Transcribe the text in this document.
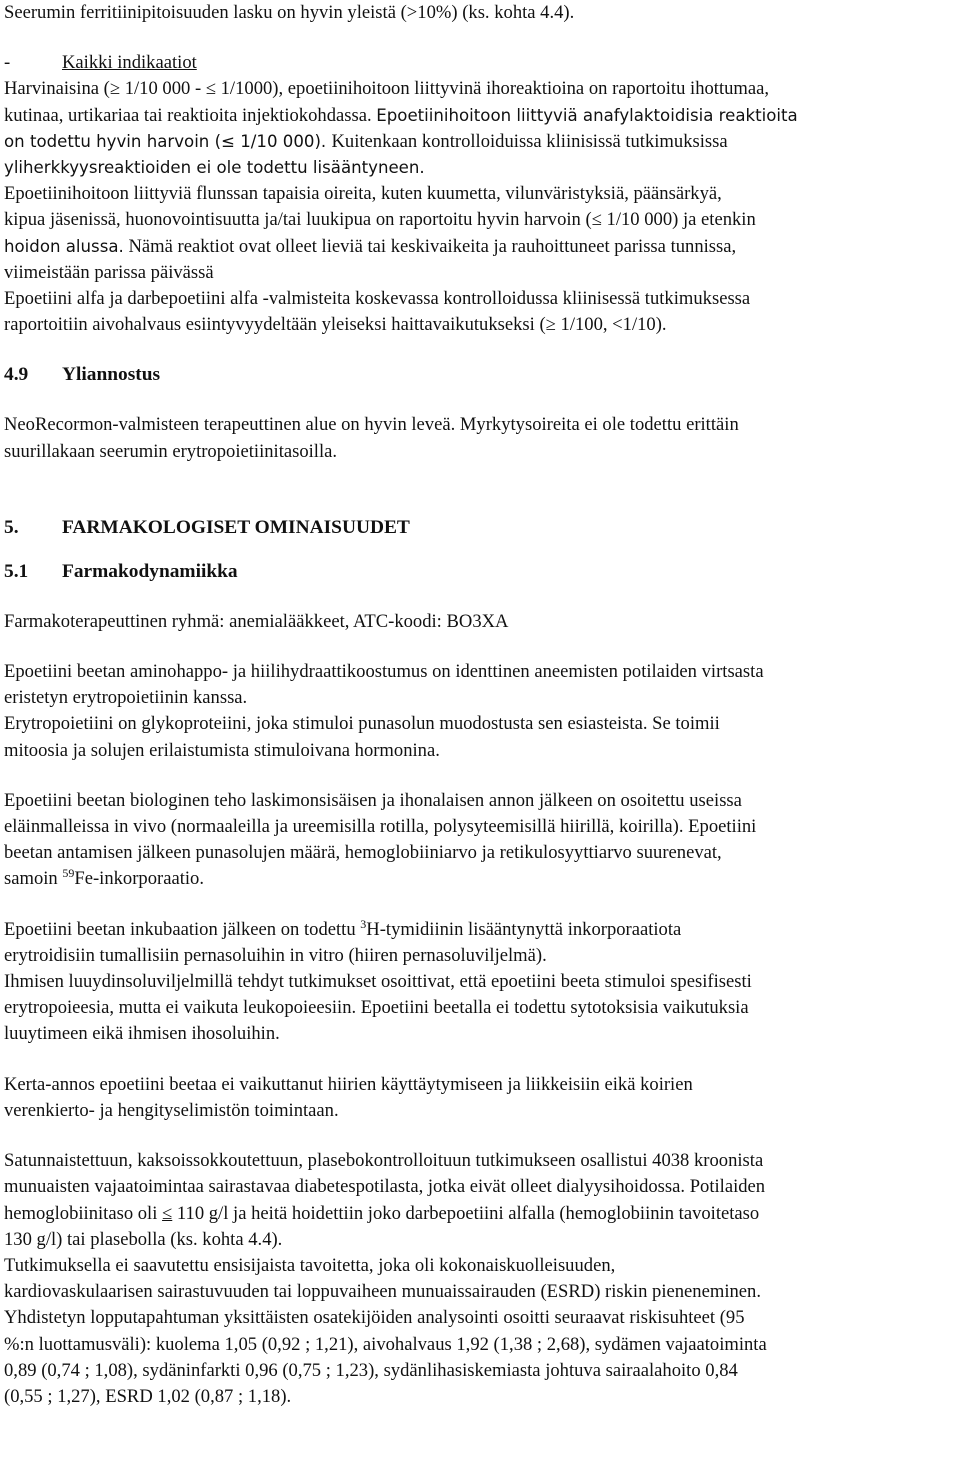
Seerumin ferritiinipitoisuuden lasku on hyvin yleistä (>10%) (ks. kohta 4.4).

-	Kaikki indikaatiot

Harvinaisina (≥ 1/10 000 - ≤ 1/1000), epoetiinihoitoon liittyvinä ihoreaktioina on raportoitu ihottumaa,

kutinaa, urtikariaa tai reaktioita injektiokohdassa. Epoetiinihoitoon liittyviä anafylaktoidisia reaktioita

on todettu hyvin harvoin (≤ 1/10 000). Kuitenkaan kontrolloiduissa kliinisissä tutkimuksissa

yliherkkyysreaktioiden ei ole todettu lisääntyneen.

Epoetiinihoitoon liittyviä flunssan tapaisia oireita, kuten kuumetta, vilunväristyksiä, päänsärkyä,

kipua jäsenissä, huonovointisuutta ja/tai luukipua on raportoitu hyvin harvoin (≤ 1/10 000) ja etenkin

hoidon alussa. Nämä reaktiot ovat olleet lieviä tai keskivaikeita ja rauhoittuneet parissa tunnissa,

viimeistään parissa päivässä

Epoetiini alfa ja darbepoetiini alfa -valmisteita koskevassa kontrolloidussa kliinisessä tutkimuksessa

raportoitiin aivohalvaus esiintyvyydeltään yleiseksi haittavaikutukseksi (≥ 1/100, <1/10).

4.9 Yliannostus

NeoRecormon-valmisteen terapeuttinen alue on hyvin leveä. Myrkytysoireita ei ole todettu erittäin

suurillakaan seerumin erytropoietiinitasoilla.

5. FARMAKOLOGISET OMINAISUUDET

5.1 Farmakodynamiikka

Farmakoterapeuttinen ryhmä: anemialääkkeet, ATC-koodi: BO3XA

Epoetiini beetan aminohappo- ja hiilihydraattikoostumus on identtinen aneemisten potilaiden virtsasta

eristetyn erytropoietiinin kanssa.

Erytropoietiini on glykoproteiini, joka stimuloi punasolun muodostusta sen esiasteista. Se toimii

mitoosia ja solujen erilaistumista stimuloivana hormonina.

Epoetiini beetan biologinen teho laskimonsisäisen ja ihonalaisen annon jälkeen on osoitettu useissa

eläinmalleissa in vivo (normaaleilla ja ureemisilla rotilla, polysyteemisillä hiirillä, koirilla). Epoetiini

beetan antamisen jälkeen punasolujen määrä, hemoglobiiniarvo ja retikulosyyttiarvo suurenevat,

samoin $^{59}$Fe-inkorporaatio.

Epoetiini beetan inkubaation jälkeen on todettu $^3$H-tymidiinin lisääntynyttä inkorporaatiota

erytroidisiin tumallisiin pernasoluihin in vitro (hiiren pernasoluviljelmä).

Ihmisen luuydinsoluviljelmillä tehdyt tutkimukset osoittivat, että epoetiini beeta stimuloi spesifisesti

erytropoieesia, mutta ei vaikuta leukopoieesiin. Epoetiini beetalla ei todettu sytotoksisia vaikutuksia

luuytimeen eikä ihmisen ihosoluihin.

Kerta-annos epoetiini beetaa ei vaikuttanut hiirien käyttäytymiseen ja liikkeisiin eikä koirien

verenkierto- ja hengityselimistön toimintaan.

Satunnaistettuun, kaksoissokkoutettuun, plasebokontrolloituun tutkimukseen osallistui 4038 kroonista

munuaisten vajaatoimintaa sairastavaa diabetespotilasta, jotka eivät olleet dialyysihoidossa. Potilaiden

hemoglobiinitaso oli ≤ 110 g/l ja heitä hoidettiin joko darbepoetiini alfalla (hemoglobiinin tavoitetaso

130 g/l) tai plasebolla (ks. kohta 4.4).

Tutkimuksella ei saavutettu ensisijaista tavoitetta, joka oli kokonaiskuolleisuuden,

kardiovaskulaarisen sairastuvuuden tai loppuvaiheen munuaissairauden (ESRD) riskin pieneneminen.

Yhdistetyn lopputapahtuman yksittäisten osatekijöiden analysointi osoitti seuraavat riskisuhteet (95

%:n luottamusväli): kuolema 1,05 (0,92 ; 1,21), aivohalvaus 1,92 (1,38 ; 2,68), sydämen vajaatoiminta

0,89 (0,74 ; 1,08), sydäninfarkti 0,96 (0,75 ; 1,23), sydänlihasiskemiasta johtuva sairaalahoito 0,84

(0,55 ; 1,27), ESRD 1,02 (0,87 ; 1,18).
